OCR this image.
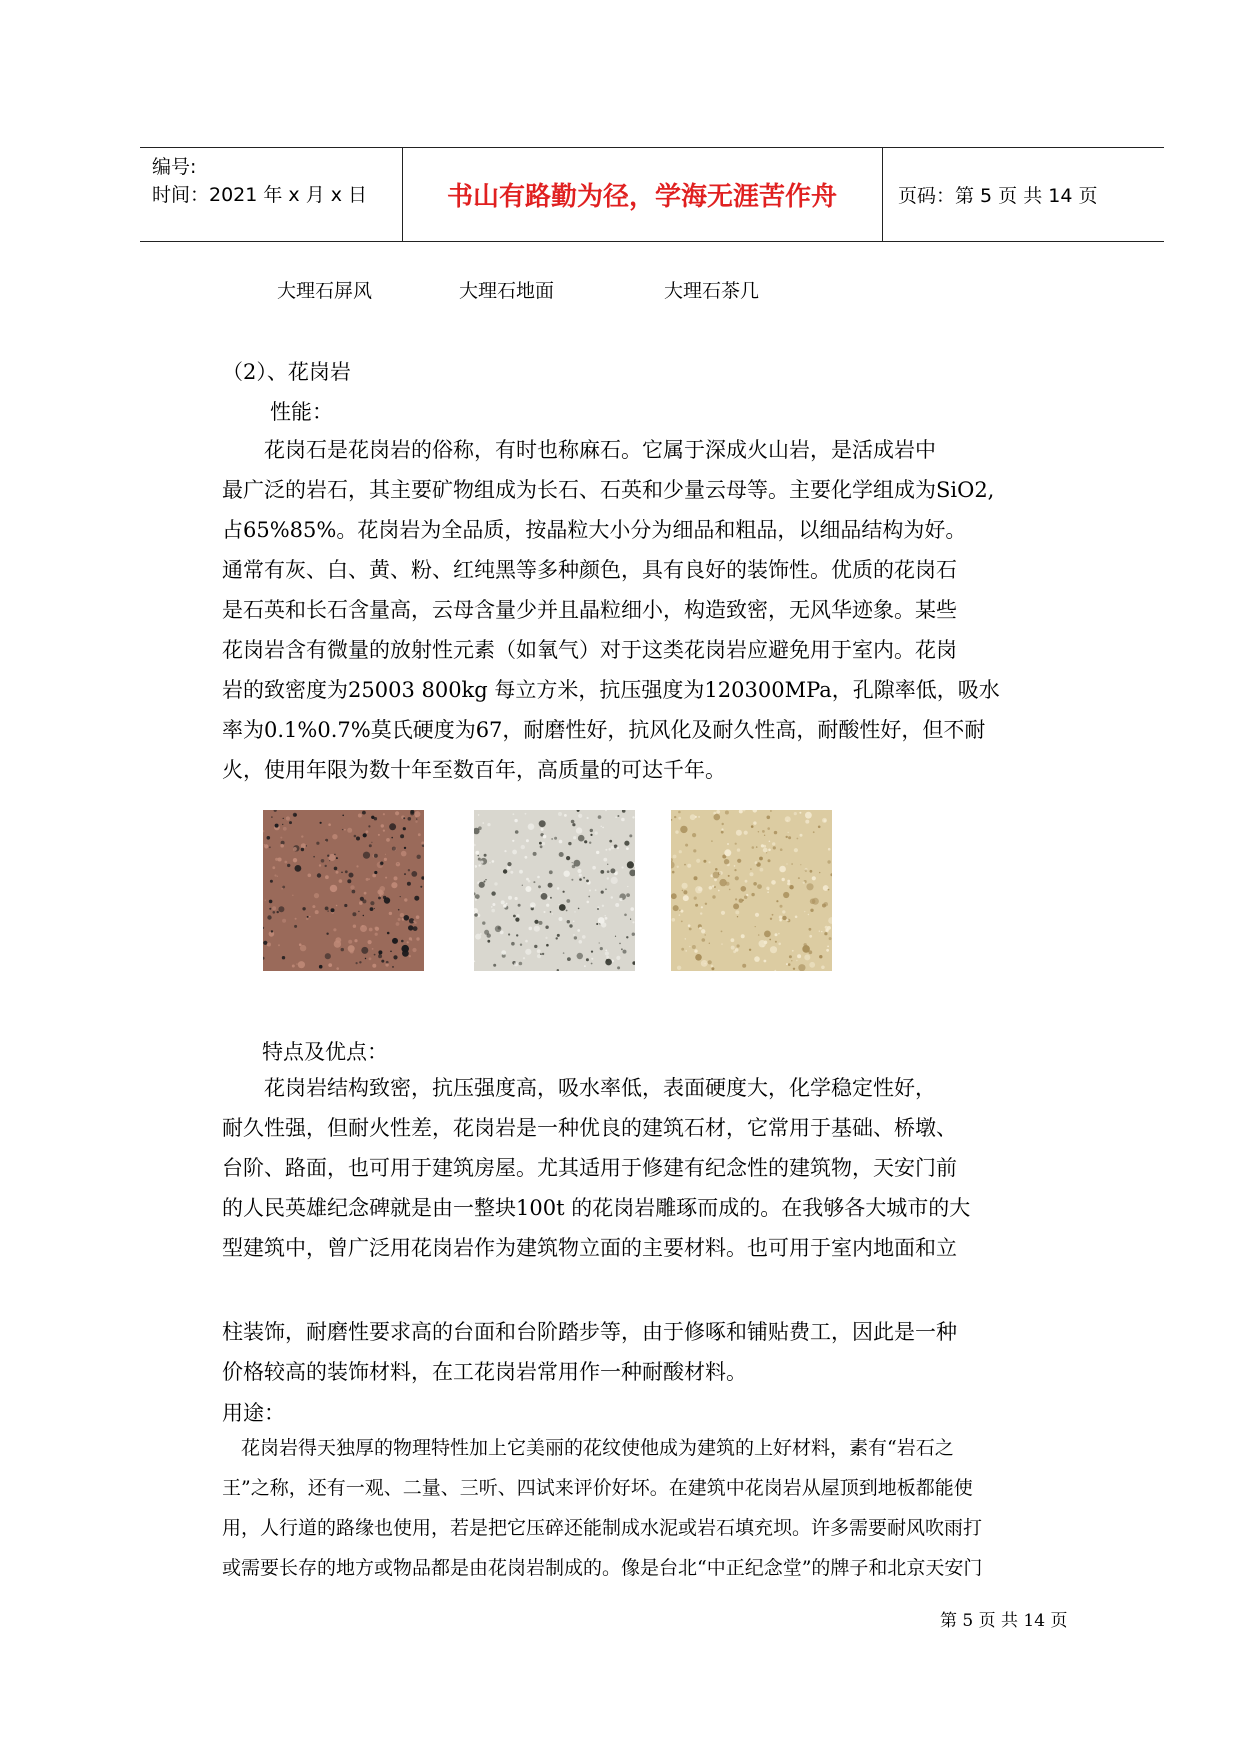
编号:
时间：2021 年 x 月 x 日	书山有路勤为径，学海无涯苦作舟	页码：第 5 页 共 14 页
大理石屏风	大理石地面	大理石茶几
（2）、花岗岩
性能：

　　花岗石是花岗岩的俗称，有时也称麻石。它属于深成火山岩，是活成岩中

最广泛的岩石，其主要矿物组成为长石、石英和少量云母等。主要化学组成为SiO2,

占65%85%。花岗岩为全品质，按晶粒大小分为细品和粗品，以细品结构为好。

通常有灰、白、黄、粉、红纯黑等多种颜色，具有良好的装饰性。优质的花岗石

是石英和长石含量高，云母含量少并且晶粒细小，构造致密，无风华迹象。某些

花岗岩含有微量的放射性元素（如氧气）对于这类花岗岩应避免用于室内。花岗

岩的致密度为25003 800kg 每立方米，抗压强度为120300MPa，孔隙率低，吸水

率为0.1%0.7%莫氏硬度为67，耐磨性好，抗风化及耐久性高，耐酸性好，但不耐

火，使用年限为数十年至数百年，高质量的可达千年。

特点及优点：

　　花岗岩结构致密，抗压强度高，吸水率低，表面硬度大，化学稳定性好，

耐久性强，但耐火性差，花岗岩是一种优良的建筑石材，它常用于基础、桥墩、

台阶、路面，也可用于建筑房屋。尤其适用于修建有纪念性的建筑物，天安门前

的人民英雄纪念碑就是由一整块100t 的花岗岩雕琢而成的。在我够各大城市的大

型建筑中，曾广泛用花岗岩作为建筑物立面的主要材料。也可用于室内地面和立

柱装饰，耐磨性要求高的台面和台阶踏步等，由于修啄和铺贴费工，因此是一种

价格较高的装饰材料，在工花岗岩常用作一种耐酸材料。

用途：

　花岗岩得天独厚的物理特性加上它美丽的花纹使他成为建筑的上好材料，素有“岩石之

王”之称，还有一观、二量、三听、四试来评价好坏。在建筑中花岗岩从屋顶到地板都能使

用，人行道的路缘也使用，若是把它压碎还能制成水泥或岩石填充坝。许多需要耐风吹雨打

或需要长存的地方或物品都是由花岗岩制成的。像是台北“中正纪念堂”的牌子和北京天安门

第 5 页 共 14 页
